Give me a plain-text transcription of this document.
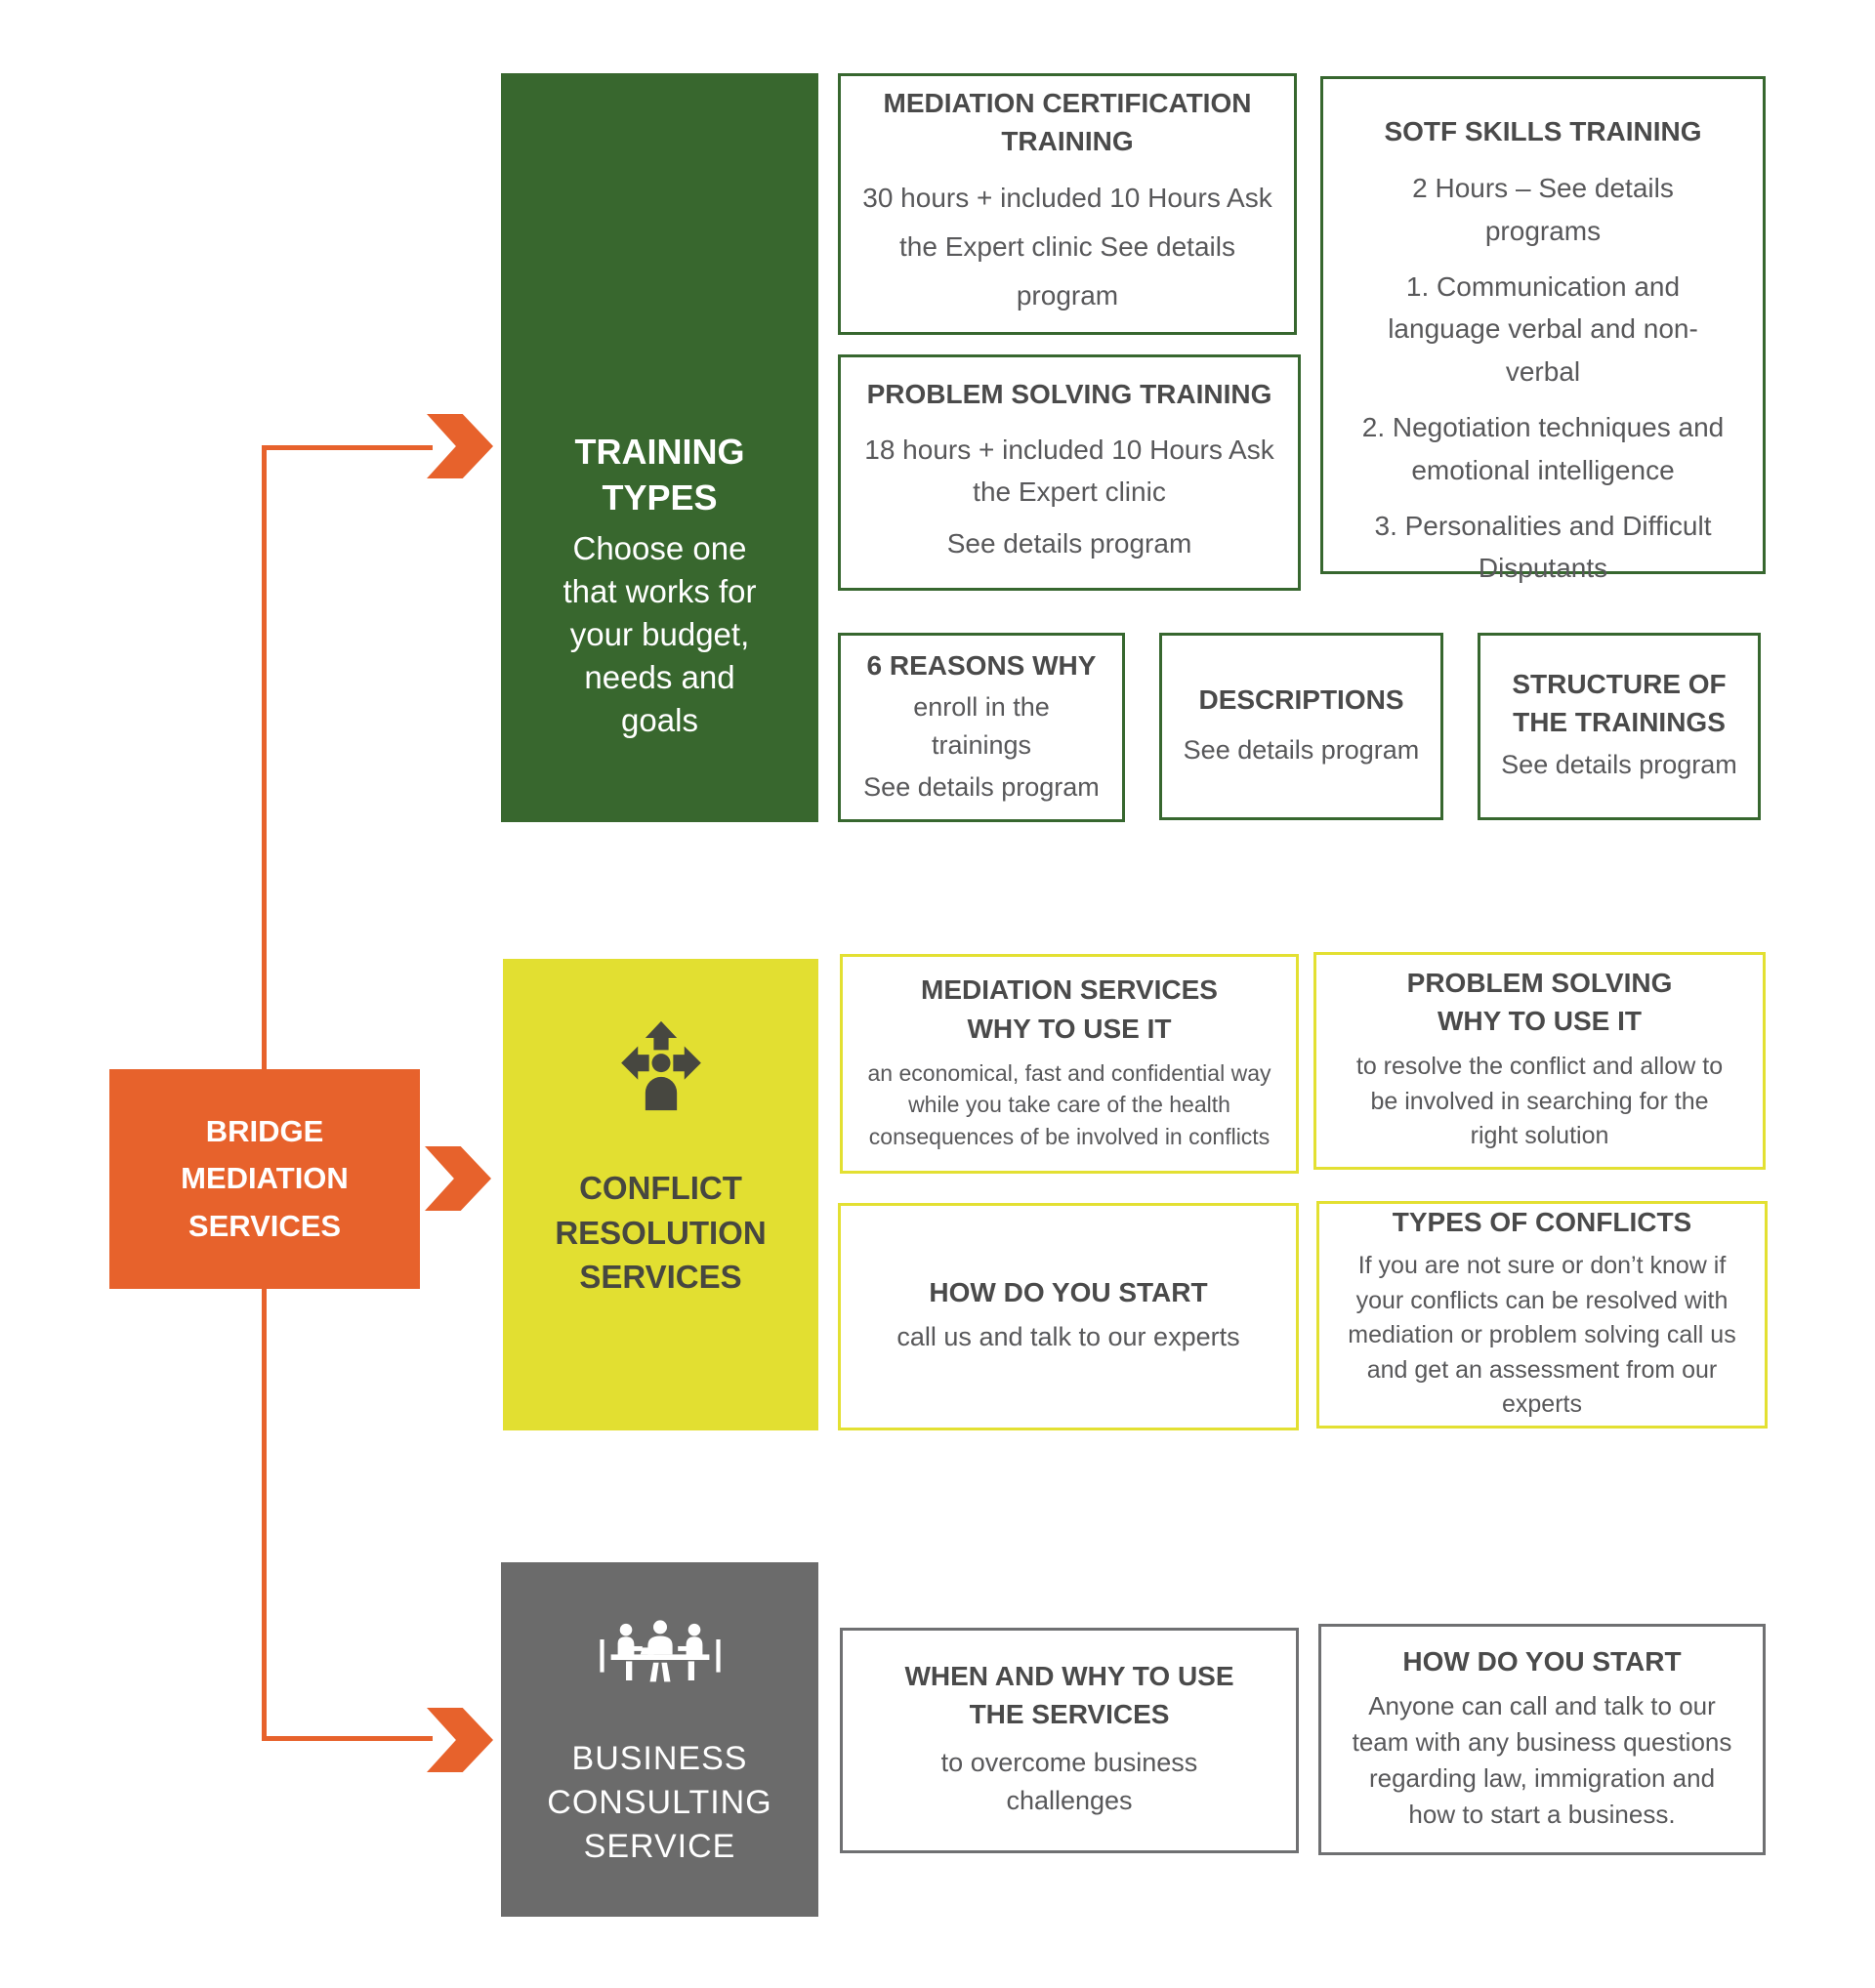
BRIDGE MEDIATION SERVICES
TRAINING TYPES
Choose one that works for your budget, needs and goals
MEDIATION CERTIFICATION TRAINING

30 hours + included 10 Hours Ask the Expert clinic See details program

SOTF SKILLS TRAINING

2 Hours – See details programs

1. Communication and language verbal and non-verbal

2. Negotiation techniques and emotional intelligence

3. Personalities and Difficult Disputants

PROBLEM SOLVING TRAINING

18 hours + included 10 Hours Ask the Expert clinic

See details program

6 REASONS WHY

enroll in the trainings

See details program

DESCRIPTIONS

See details program

STRUCTURE OF THE TRAININGS

See details program

CONFLICT RESOLUTION SERVICES
MEDIATION SERVICES WHY TO USE IT

an economical, fast and confidential way while you take care of the health consequences of be involved in conflicts

PROBLEM SOLVING WHY TO USE IT

to resolve the conflict and allow to be involved in searching for the right solution

HOW DO YOU START

call us and talk to our experts

TYPES OF CONFLICTS

If you are not sure or don’t know if your conflicts can be resolved with mediation or problem solving call us and get an assessment from our experts

BUSINESS CONSULTING SERVICE
WHEN AND WHY TO USE THE SERVICES

to overcome business challenges

HOW DO YOU START

Anyone can call and talk to our team with any business questions regarding law, immigration and how to start a business.
